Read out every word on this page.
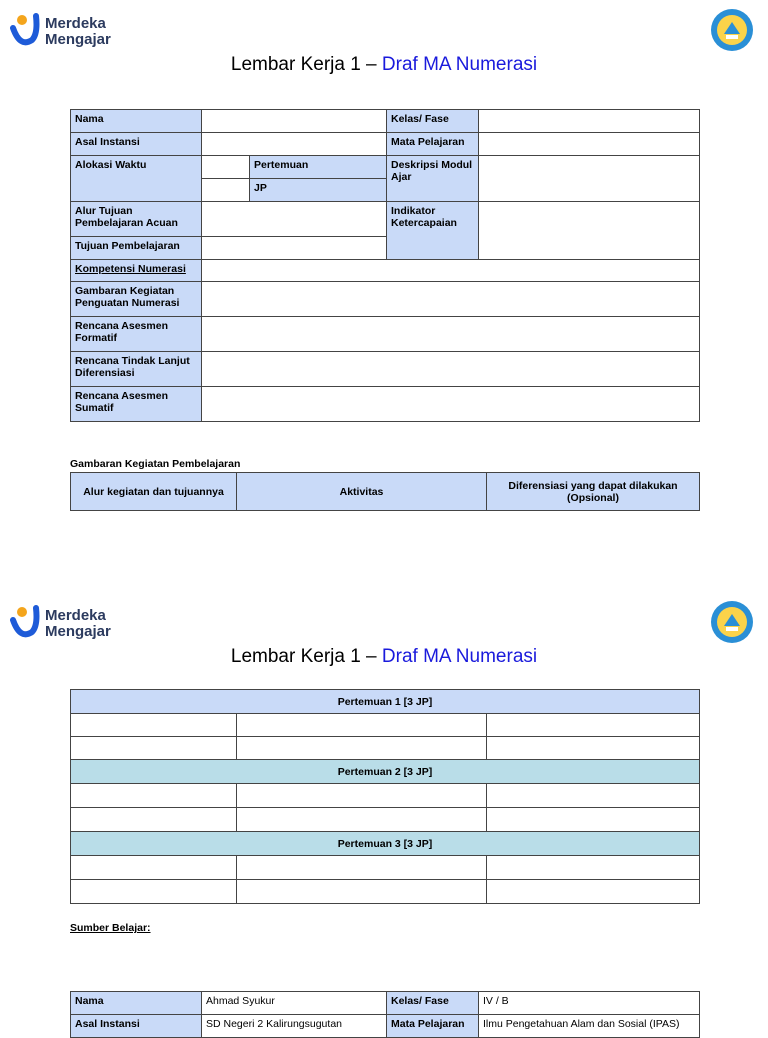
Merdeka
Mengajar
Lembar Kerja 1 – Draf MA Numerasi
Nama			Kelas/ Fase	
Asal Instansi			Mata Pelajaran	
Alokasi Waktu		Pertemuan	Deskripsi Modul Ajar	
		JP		
Alur Tujuan Pembelajaran Acuan			Indikator Ketercapaian	
Tujuan Pembelajaran				
Kompetensi Numerasi				
Gambaran Kegiatan Penguatan Numerasi				
Rencana Asesmen Formatif				
Rencana Tindak Lanjut Diferensiasi				
Rencana Asesmen Sumatif				
Gambaran Kegiatan Pembelajaran
Alur kegiatan dan tujuannya	Aktivitas	Diferensiasi yang dapat dilakukan (Opsional)
Merdeka
Mengajar
Lembar Kerja 1 – Draf MA Numerasi
Pertemuan 1 [3 JP]		

Pertemuan 2 [3 JP]		

Pertemuan 3 [3 JP]		

Sumber Belajar:
Nama	Ahmad Syukur	Kelas/ Fase	IV / B
Asal Instansi	SD Negeri 2 Kalirungsugutan	Mata Pelajaran	Ilmu Pengetahuan Alam dan Sosial (IPAS)
